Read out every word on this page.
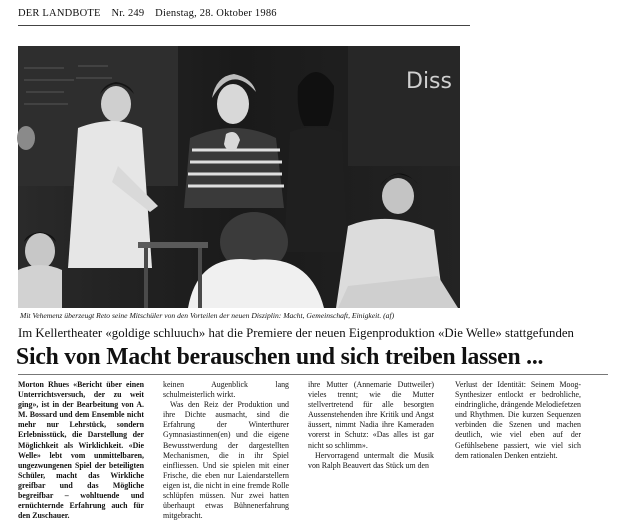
DER LANDBOTE Nr. 249 Dienstag, 28. Oktober 1986
Diss
Mit Vehemenz überzeugt Reto seine Mitschüler von den Vorteilen der neuen Disziplin: Macht, Gemeinschaft, Einigkeit. (af)
Im Kellertheater «goldige schluuch» hat die Premiere der neuen Eigenproduktion «Die Welle» stattgefunden
Sich von Macht berauschen und sich treiben lassen ...

Morton Rhues «Bericht über einen Unterrichtsversuch, der zu weit ging», ist in der Bearbeitung von A. M. Bossard und dem Ensemble nicht mehr nur Lehrstück, sondern Erlebnisstück, die Darstellung der Möglichkeit als Wirklichkeit. «Die Welle» lebt vom unmittelbaren, ungezwungenen Spiel der beteiligten Schüler, macht das Wirkliche greifbar und das Mögliche begreifbar – wohltuende und ernüchternde Erfahrung auch für den Zuschauer.

keinen Augenblick lang schulmeisterlich wirkt.

Was den Reiz der Produktion und ihre Dichte ausmacht, sind die Erfahrung der Winterthurer Gymnasiastinnen(en) und die eigene Bewusstwerdung der dargestellten Mechanismen, die in ihr Spiel einfliessen. Und sie spielen mit einer Frische, die eben nur Laiendarstellern eigen ist, die nicht in eine fremde Rolle schlüpfen müssen. Nur zwei hatten überhaupt etwas Bühnenerfahrung mitgebracht.

ihre Mutter (Annemarie Duttweiler) vieles trennt; wie die Mutter stellvertretend für alle besorgten Aussenstehenden ihre Kritik und Angst äussert, nimmt Nadia ihre Kameraden vorerst in Schutz: «Das alles ist gar nicht so schlimm».

Hervorragend untermalt die Musik von Ralph Beauvert das Stück um den

Verlust der Identität: Seinem Moog-Synthesizer entlockt er bedrohliche, eindringliche, drängende Melodiefetzen und Rhythmen. Die kurzen Sequenzen verbinden die Szenen und machen deutlich, wie viel eben auf der Gefühlsebene passiert, wie viel sich dem rationalen Denken entzieht.
